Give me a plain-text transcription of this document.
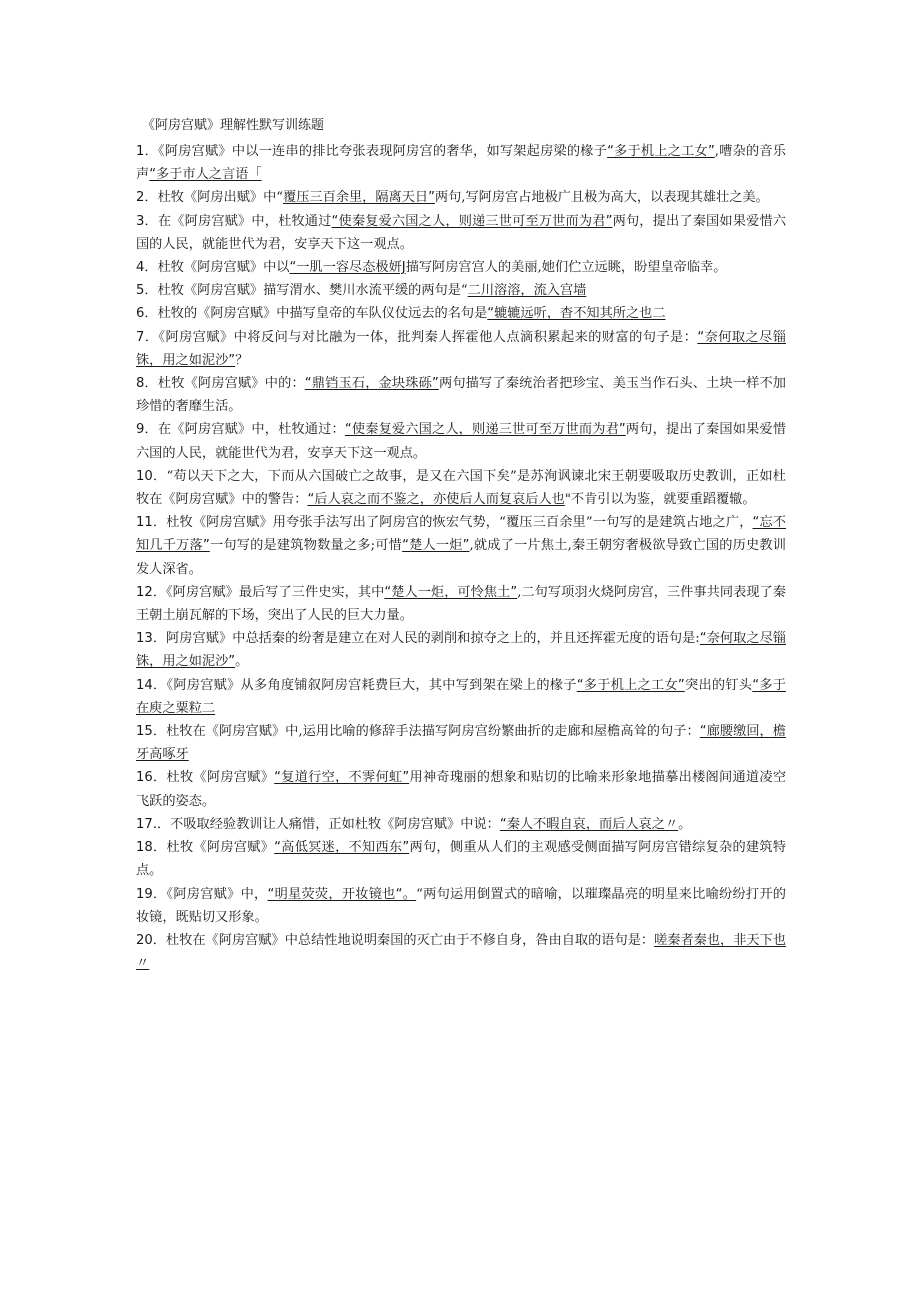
《阿房宫赋》理解性默写训练题
1．《阿房宫赋》中以一连串的排比夸张表现阿房宫的奢华，如写架起房梁的椽子“多于机上之工女”,嘈杂的音乐声“多于市人之言语「
2．杜牧《阿房出赋》中“覆压三百余里，隔离天日”两句,写阿房宫占地极广且极为高大，以表现其雄壮之美。
3．在《阿房宫赋》中，杜牧通过“使秦复爱六国之人，则递三世可至万世而为君”两句，提出了秦国如果爱惜六国的人民，就能世代为君，安享天下这一观点。
4．杜牧《阿房宫赋》中以“一肌一容尽态极妍J描写阿房宫宫人的美丽,她们伫立远眺，盼望皇帝临幸。
5．杜牧《阿房宫赋》描写渭水、樊川水流平缓的两句是“二川溶溶，流入宫墙
6．杜牧的《阿房宫赋》中描写皇帝的车队仪仗远去的名句是“辘辘远听，杳不知其所之也二
7．《阿房宫赋》中将反问与对比融为一体，批判秦人挥霍他人点滴积累起来的财富的句子是：“奈何取之尽锱铢，用之如泥沙”？
8．杜牧《阿房宫赋》中的：“鼎铛玉石，金块珠砾”两句描写了秦统治者把珍宝、美玉当作石头、土块一样不加珍惜的奢靡生活。
9．在《阿房宫赋》中，杜牧通过：“使秦复爱六国之人，则递三世可至万世而为君”两句，提出了秦国如果爱惜六国的人民，就能世代为君，安享天下这一观点。
10．“苟以天下之大，下而从六国破亡之故事，是又在六国下矣”是苏洵讽谏北宋王朝要吸取历史教训，正如杜牧在《阿房宫赋》中的警告：“后人哀之而不鉴之，亦使后人而复哀后人也"不肯引以为鉴，就要重蹈覆辙。
11．杜牧《阿房宫赋》用夸张手法写出了阿房宫的恢宏气势，“覆压三百余里”一句写的是建筑占地之广，“忘不知几千万落”一句写的是建筑物数量之多;可惜“楚人一炬”,就成了一片焦土,秦王朝穷奢极欲导致亡国的历史教训发人深省。
12．《阿房宫赋》最后写了三件史实，其中“楚人一炬，可怜焦土”,二句写项羽火烧阿房宫，三件事共同表现了秦王朝土崩瓦解的下场，突出了人民的巨大力量。
13．阿房宫赋》中总括秦的纷奢是建立在对人民的剥削和掠夺之上的，并且还挥霍无度的语句是:“奈何取之尽锱铢，用之如泥沙”。
14．《阿房宫赋》从多角度铺叙阿房宫耗费巨大，其中写到架在梁上的椽子“多于机上之工女”突出的钉头“多于在庾之粟粒二
15．杜牧在《阿房宫赋》中,运用比喻的修辞手法描写阿房宫纷繁曲折的走廊和屋檐高耸的句子：“廊腰缴回，檐牙高啄牙
16．杜牧《阿房宫赋》“复道行空，不霁何虹”用神奇瑰丽的想象和贴切的比喻来形象地描摹出楼阁间通道凌空飞跃的姿态。
17.．不吸取经验教训让人痛惜，正如杜牧《阿房宫赋》中说：“秦人不暇自哀，而后人哀之〃。
18．杜牧《阿房宫赋》“高低冥迷，不知西东”两句，侧重从人们的主观感受侧面描写阿房宫错综复杂的建筑特点。
19．《阿房宫赋》中，“明星荧荧，开妆镜也“。“两句运用倒置式的暗喻，以璀璨晶亮的明星来比喻纷纷打开的妆镜，既贴切又形象。
20．杜牧在《阿房宫赋》中总结性地说明秦国的灭亡由于不修自身，咎由自取的语句是：嗟秦者秦也，非天下也〃
